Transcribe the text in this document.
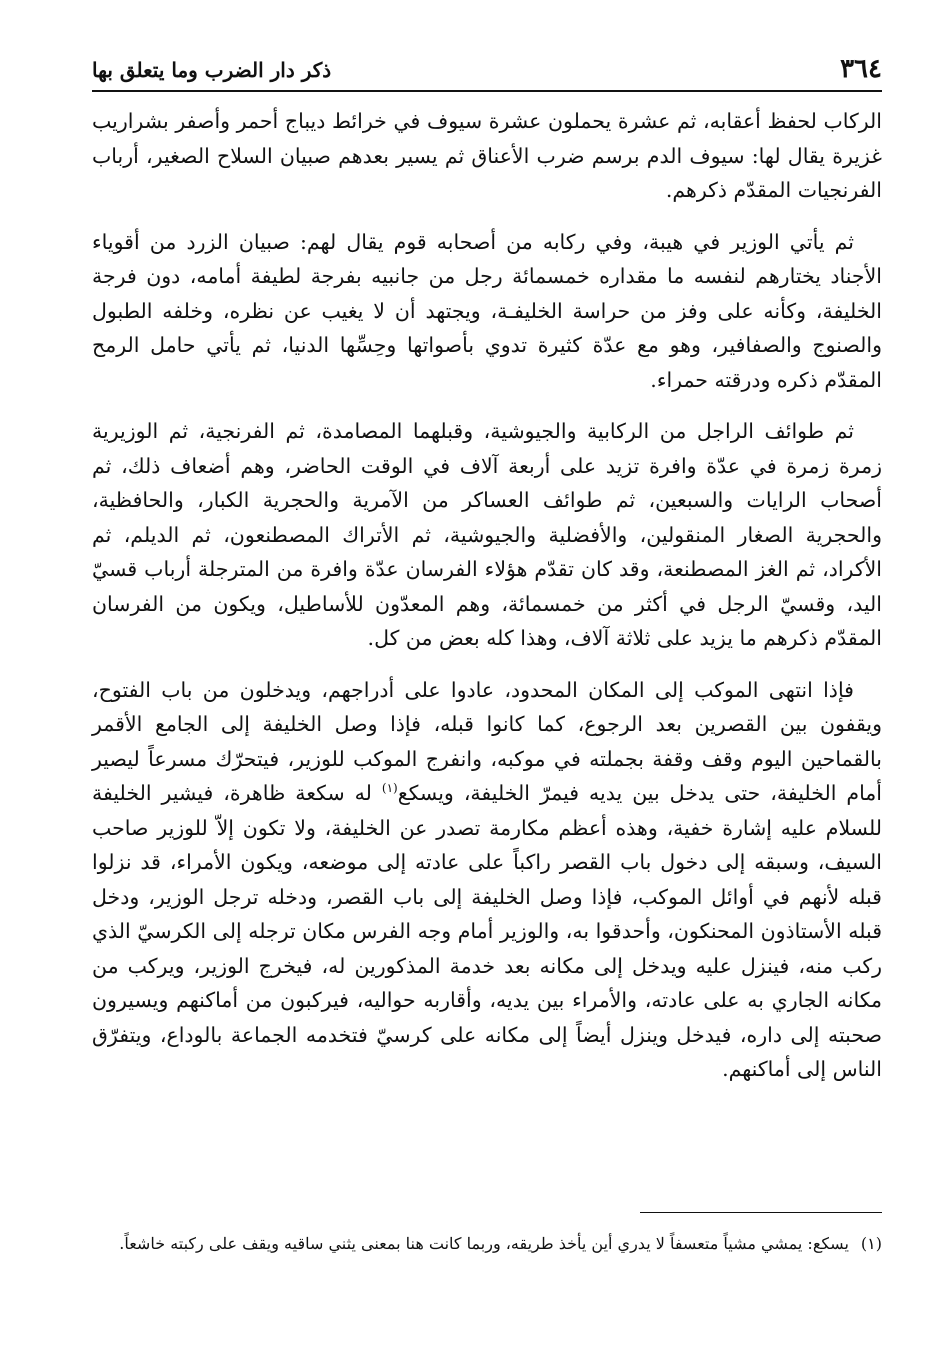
٣٦٤
ذكر دار الضرب وما يتعلق بها

الركاب لحفظ أعقابه، ثم عشرة يحملون عشرة سيوف في خرائط ديباج أحمر وأصفر بشراريب غزيرة يقال لها: سيوف الدم برسم ضرب الأعناق ثم يسير بعدهم صبيان السلاح الصغير، أرباب الفرنجيات المقدّم ذكرهم.

ثم يأتي الوزير في هيبة، وفي ركابه من أصحابه قوم يقال لهم: صبيان الزرد من أقوياء الأجناد يختارهم لنفسه ما مقداره خمسمائة رجل من جانبيه بفرجة لطيفة أمامه، دون فرجة الخليفة، وكأنه على وفز من حراسة الخليفـة، ويجتهد أن لا يغيب عن نظره، وخلفه الطبول والصنوج والصفافير، وهو مع عدّة كثيرة تدوي بأصواتها وحِسِّها الدنيا، ثم يأتي حامل الرمح المقدّم ذكره ودرقته حمراء.

ثم طوائف الراجل من الركابية والجيوشية، وقبلهما المصامدة، ثم الفرنجية، ثم الوزيرية زمرة زمرة في عدّة وافرة تزيد على أربعة آلاف في الوقت الحاضر، وهم أضعاف ذلك، ثم أصحاب الرايات والسبعين، ثم طوائف العساكر من الآمرية والحجرية الكبار، والحافظية، والحجرية الصغار المنقولين، والأفضلية والجيوشية، ثم الأتراك المصطنعون، ثم الديلم، ثم الأكراد، ثم الغز المصطنعة، وقد كان تقدّم هؤلاء الفرسان عدّة وافرة من المترجلة أرباب قسيّ اليد، وقسيّ الرجل في أكثر من خمسمائة، وهم المعدّون للأساطيل، ويكون من الفرسان المقدّم ذكرهم ما يزيد على ثلاثة آلاف، وهذا كله بعض من كل.

فإذا انتهى الموكب إلى المكان المحدود، عادوا على أدراجهم، ويدخلون من باب الفتوح، ويقفون بين القصرين بعد الرجوع، كما كانوا قبله، فإذا وصل الخليفة إلى الجامع الأقمر بالقماحين اليوم وقف وقفة بجملته في موكبه، وانفرج الموكب للوزير، فيتحرّك مسرعاً ليصير أمام الخليفة، حتى يدخل بين يديه فيمرّ الخليفة، ويسكع$^{(١)}$ له سكعة ظاهرة، فيشير الخليفة للسلام عليه إشارة خفية، وهذه أعظم مكارمة تصدر عن الخليفة، ولا تكون إلاّ للوزير صاحب السيف، وسبقه إلى دخول باب القصر راكباً على عادته إلى موضعه، ويكون الأمراء، قد نزلوا قبله لأنهم في أوائل الموكب، فإذا وصل الخليفة إلى باب القصر، ودخله ترجل الوزير، ودخل قبله الأستاذون المحنكون، وأحدقوا به، والوزير أمام وجه الفرس مكان ترجله إلى الكرسيّ الذي ركب منه، فينزل عليه ويدخل إلى مكانه بعد خدمة المذكورين له، فيخرج الوزير، ويركب من مكانه الجاري به على عادته، والأمراء بين يديه، وأقاربه حواليه، فيركبون من أماكنهم ويسيرون صحبته إلى داره، فيدخل وينزل أيضاً إلى مكانه على كرسيّ فتخدمه الجماعة بالوداع، ويتفرّق الناس إلى أماكنهم.

(١)يسكع: يمشي مشياً متعسفاً لا يدري أين يأخذ طريقه، وربما كانت هنا بمعنى يثني ساقيه ويقف على ركبته خاشعاً.
